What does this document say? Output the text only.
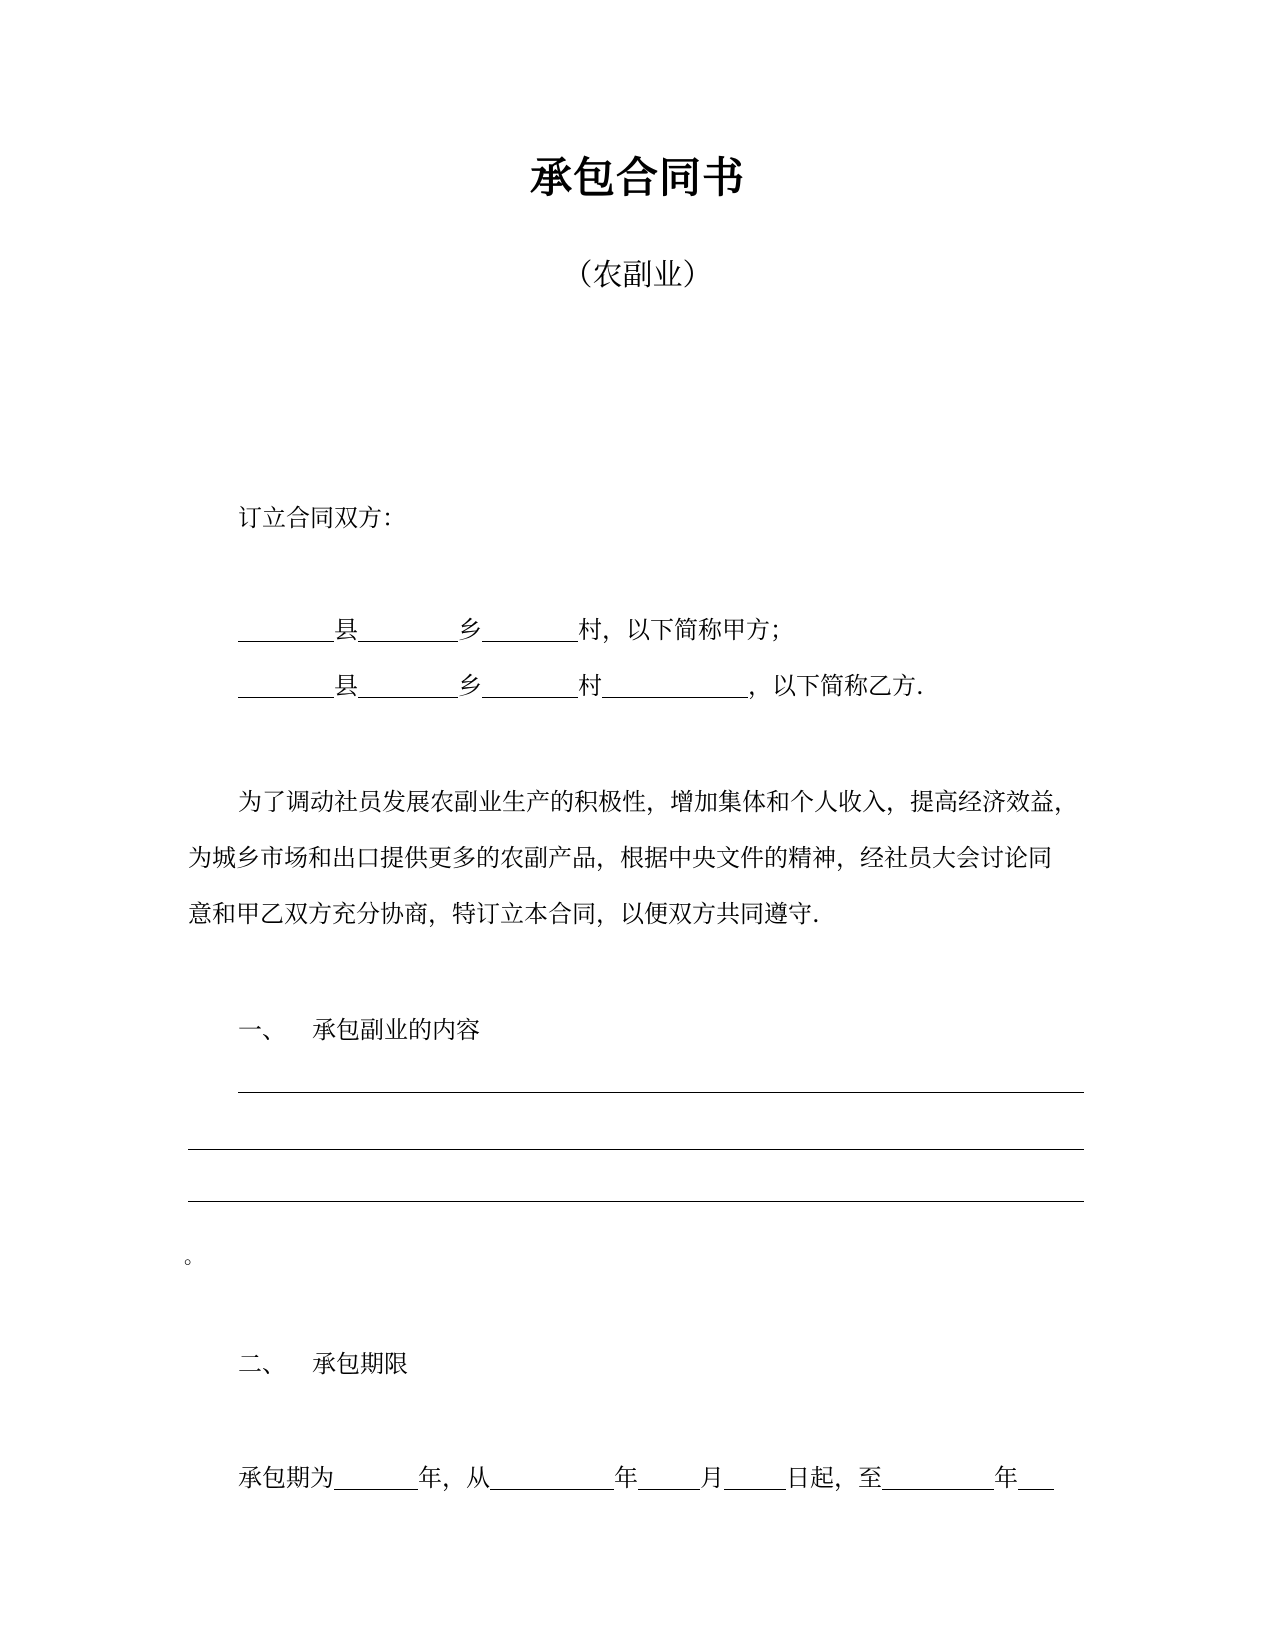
承包合同书
（农副业）
订立合同双方：
县	乡	村，以下简称甲方；
县	乡	村	，以下简称乙方.
为了调动社员发展农副业生产的积极性，增加集体和个人收入，提高经济效益，
为城乡市场和出口提供更多的农副产品，根据中央文件的精神，经社员大会讨论同
意和甲乙双方充分协商，特订立本合同，以便双方共同遵守.
一、 承包副业的内容
。
二、 承包期限
承包期为	年，从	年	月	日起，至	年
